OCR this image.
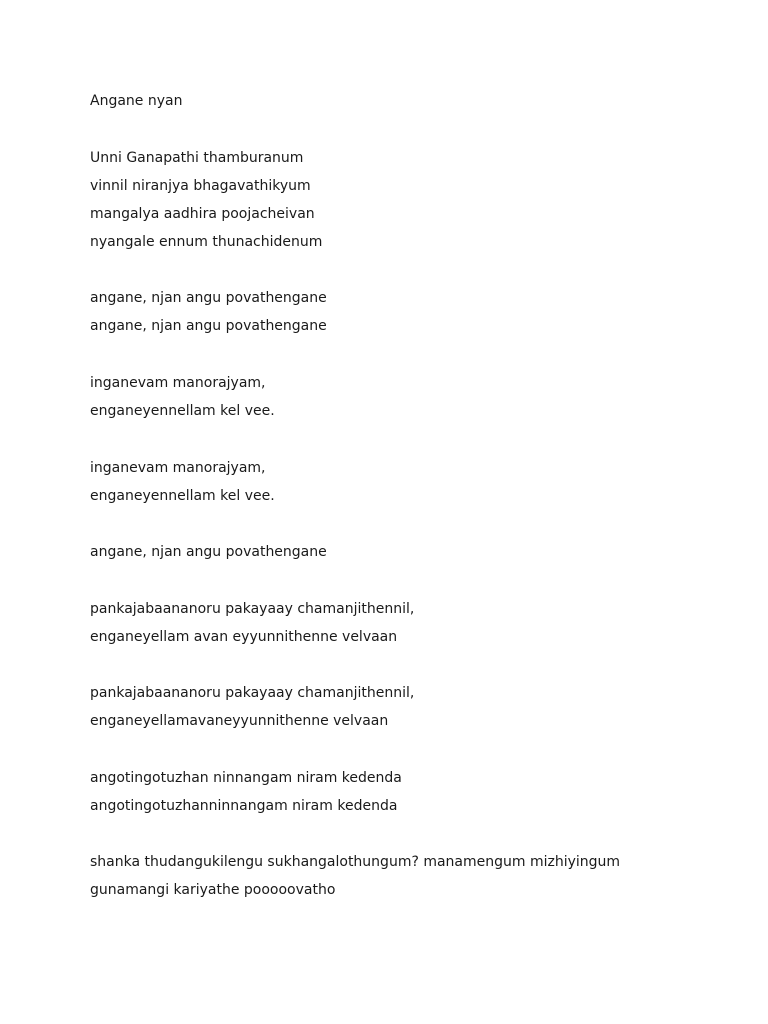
Angane nyan

Unni Ganapathi thamburanum

vinnil niranjya bhagavathikyum

mangalya aadhira poojacheivan

nyangale ennum thunachidenum

angane, njan angu povathengane

angane, njan angu povathengane

inganevam manorajyam,

enganeyennellam kel vee.

inganevam manorajyam,

enganeyennellam kel vee.

angane, njan angu povathengane

pankajabaananoru pakayaay chamanjithennil,

enganeyellam avan eyyunnithenne velvaan

pankajabaananoru pakayaay chamanjithennil,

enganeyellamavaneyyunnithenne velvaan

angotingotuzhan ninnangam niram kedenda

angotingotuzhanninnangam niram kedenda

shanka thudangukilengu sukhangalothungum? manamengum mizhiyingum

gunamangi kariyathe pooooovatho
